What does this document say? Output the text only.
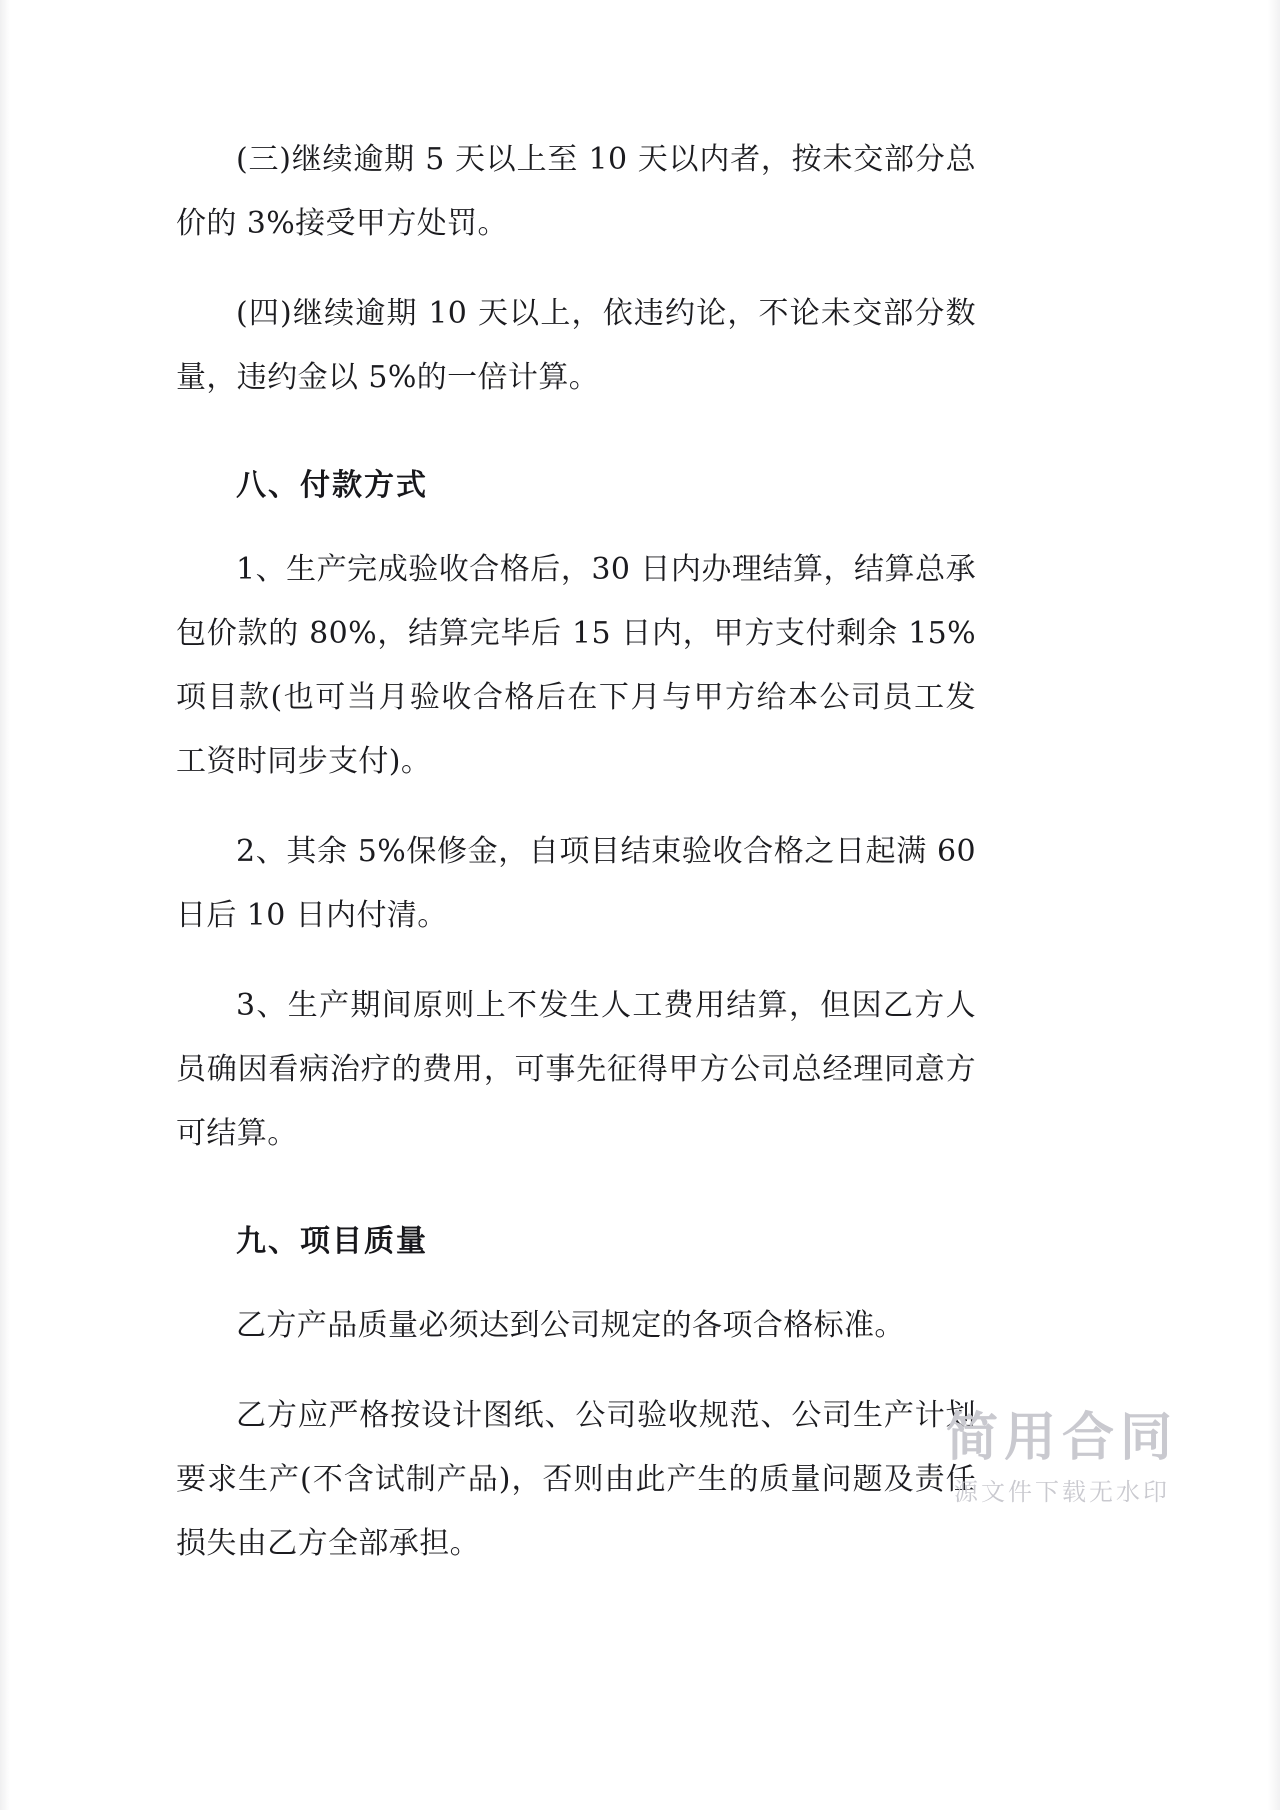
(三)继续逾期 5 天以上至 10 天以内者，按未交部分总价的 3%接受甲方处罚。

(四)继续逾期 10 天以上，依违约论，不论未交部分数量，违约金以 5%的一倍计算。

八、付款方式

1、生产完成验收合格后，30 日内办理结算，结算总承包价款的 80%，结算完毕后 15 日内，甲方支付剩余 15%项目款(也可当月验收合格后在下月与甲方给本公司员工发工资时同步支付)。

2、其余 5%保修金，自项目结束验收合格之日起满 60 日后 10 日内付清。

3、生产期间原则上不发生人工费用结算，但因乙方人员确因看病治疗的费用，可事先征得甲方公司总经理同意方可结算。

九、项目质量

乙方产品质量必须达到公司规定的各项合格标准。

乙方应严格按设计图纸、公司验收规范、公司生产计划要求生产(不含试制产品)，否则由此产生的质量问题及责任损失由乙方全部承担。

简用合同
源文件下载无水印
